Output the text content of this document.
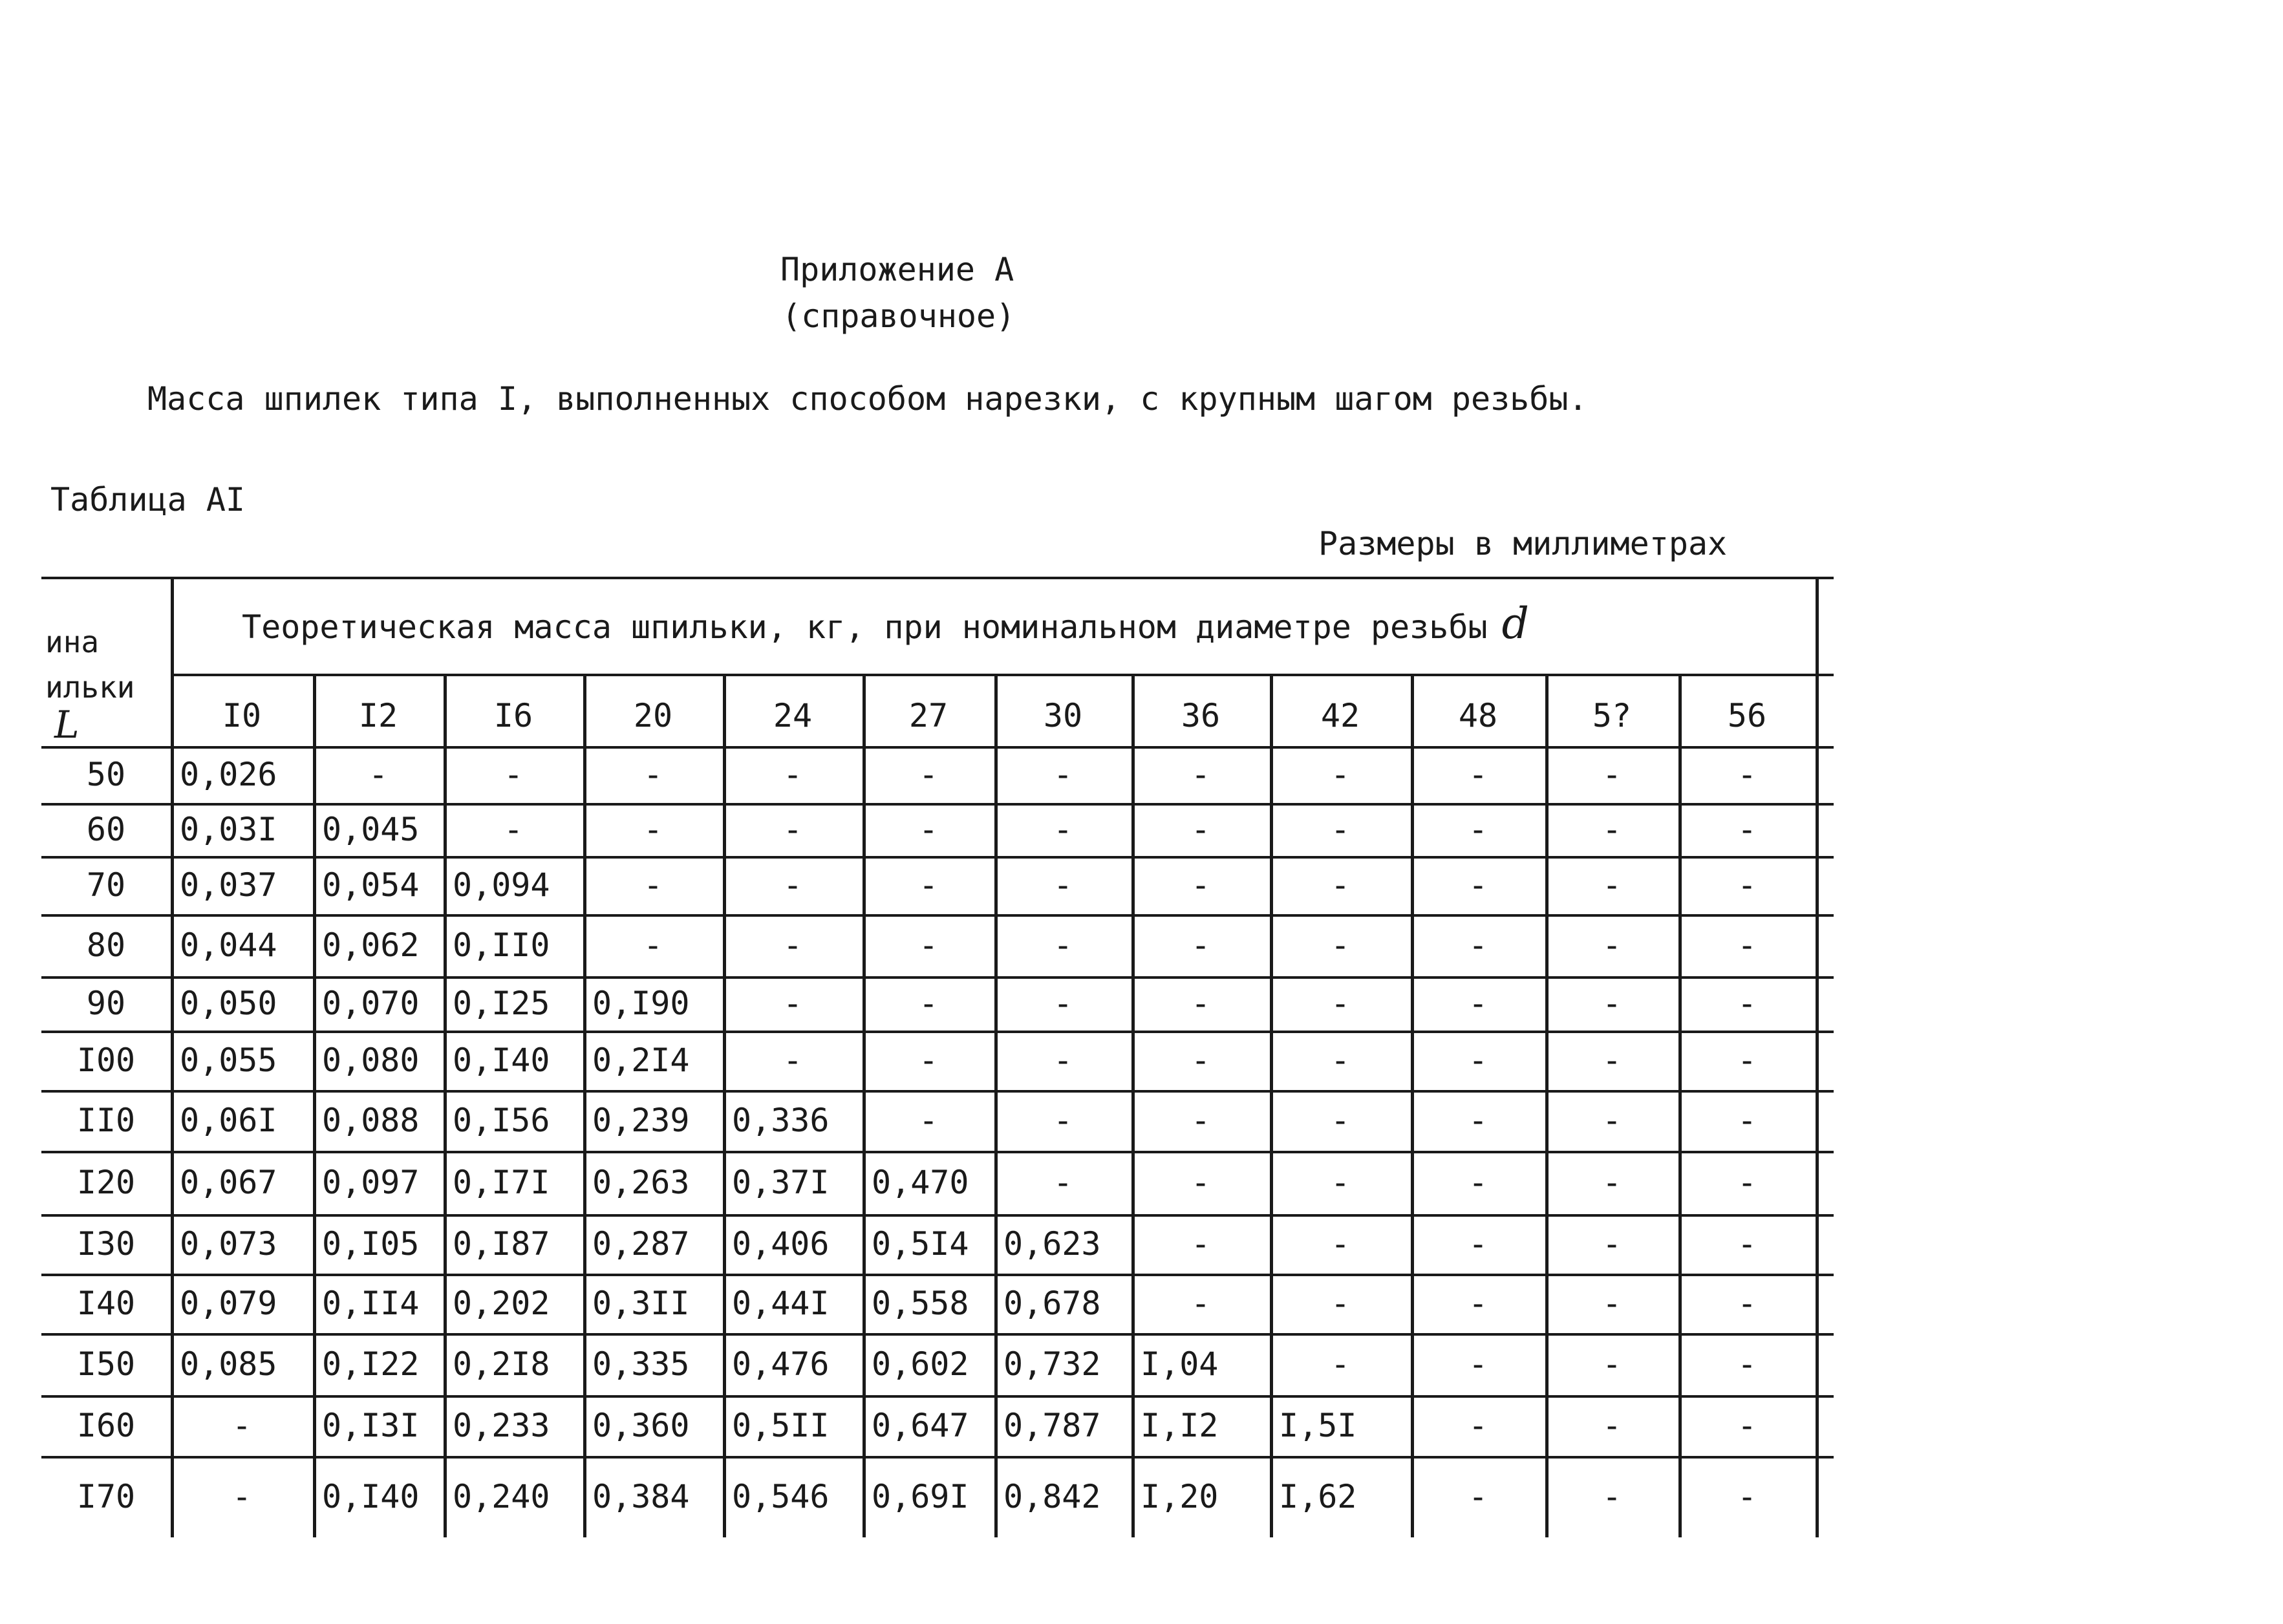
Приложение А
(справочное)
Масса шпилек типа I, выполненных способом нарезки, с крупным шагом резьбы.
Таблица АI
Размеры в миллиметрах
ина
ильки
L
Теоретическая масса шпильки, кг, при номинальном диаметре резьбы d
I0	I2	I6	20	24	27	30	36	42	48	5?	56
50 0,026	-	-	-	-	-	-	-	-	-	-	-
60 0,03I 0,045	-	-	-	-	-	-	-	-	-	-
70 0,037 0,054 0,094	-	-	-	-	-	-	-	-	-
80 0,044 0,062 0,II0	-	-	-	-	-	-	-	-	-
90 0,050 0,070 0,I25 0,I90	-	-	-	-	-	-	-	-
I00 0,055 0,080 0,I40 0,2I4	-	-	-	-	-	-	-	-
II0 0,06I 0,088 0,I56 0,239 0,336	-	-	-	-	-	-	-
I20 0,067 0,097 0,I7I 0,263 0,37I 0,470	-	-	-	-	-	-
I30 0,073 0,I05 0,I87 0,287 0,406 0,5I4 0,623	-	-	-	-	-
I40 0,079 0,II4 0,202 0,3II 0,44I 0,558 0,678	-	-	-	-	-
I50 0,085 0,I22 0,2I8 0,335 0,476 0,602 0,732 I,04	-	-	-	-
I60	- 0,I3I 0,233 0,360 0,5II 0,647 0,787 I,I2 I,5I	-	-	-
I70	- 0,I40 0,240 0,384 0,546 0,69I 0,842 I,20 I,62	-	-	-
